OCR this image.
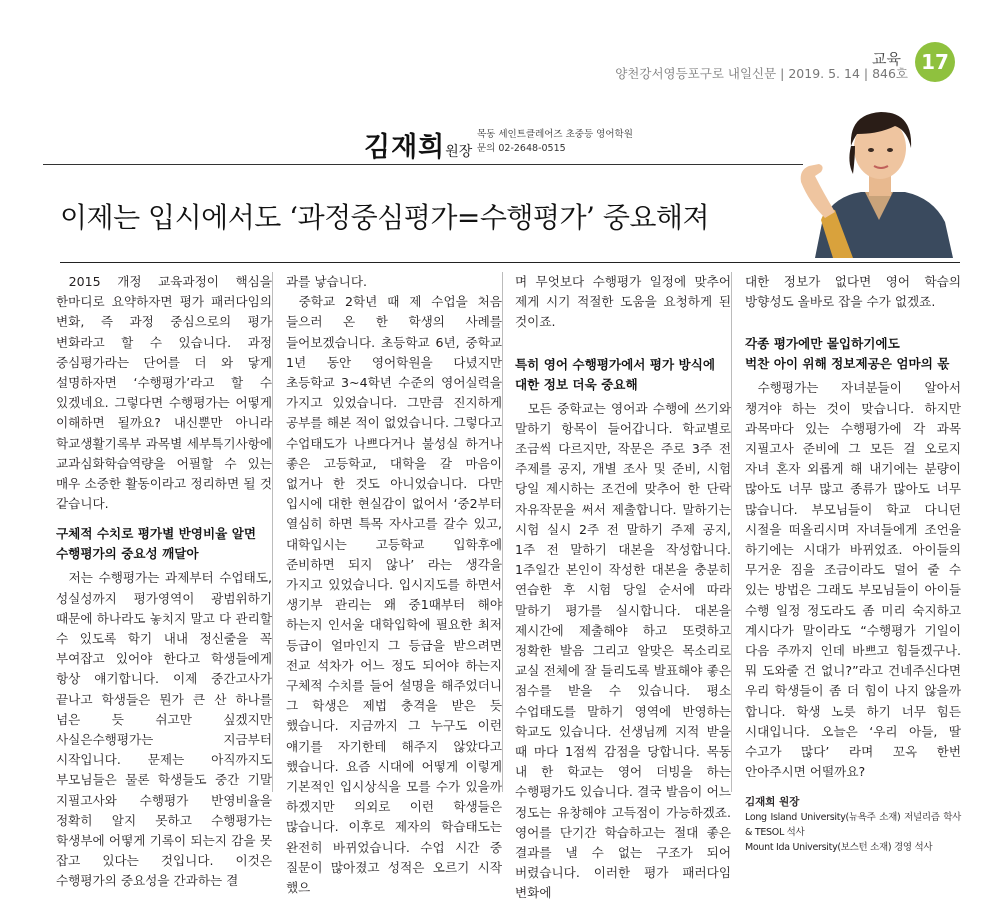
교육
양천강서영등포구로 내일신문 | 2019. 5. 14 | 846호 17
김재희원장
목동 세인트클레어즈 초중등 영어학원
문의 02-2648-0515
이제는 입시에서도 ‘과정중심평가=수행평가’ 중요해져

2015 개정 교육과정이 핵심을 한마디로 요약하자면 평가 패러다임의 변화, 즉 과정 중심으로의 평가 변화라고 할 수 있습니다. 과정 중심평가라는 단어를 더 와 닿게 설명하자면 ‘수행평가’라고 할 수 있겠네요. 그렇다면 수행평가는 어떻게 이해하면 될까요? 내신뿐만 아니라 학교생활기록부 과목별 세부특기사항에 교과심화학습역량을 어필할 수 있는 매우 소중한 활동이라고 정리하면 될 것 같습니다.

구체적 수치로 평가별 반영비율 알면
수행평가의 중요성 깨달아

저는 수행평가는 과제부터 수업태도, 성실성까지 평가영역이 광범위하기 때문에 하나라도 놓치지 말고 다 관리할 수 있도록 학기 내내 정신줄을 꼭 부여잡고 있어야 한다고 학생들에게 항상 얘기합니다. 이제 중간고사가 끝나고 학생들은 뭔가 큰 산 하나를 넘은 듯 쉬고만 싶겠지만 사실은수행평가는 지금부터 시작입니다. 문제는 아직까지도 부모님들은 물론 학생들도 중간 기말 지필고사와 수행평가 반영비율을 정확히 알지 못하고 수행평가는 학생부에 어떻게 기록이 되는지 감을 못 잡고 있다는 것입니다. 이것은 수행평가의 중요성을 간과하는 결

과를 낳습니다.

중학교 2학년 때 제 수업을 처음 들으러 온 한 학생의 사례를 들어보겠습니다. 초등학교 6년, 중학교 1년 동안 영어학원을 다녔지만 초등학교 3~4학년 수준의 영어실력을 가지고 있었습니다. 그만큼 진지하게 공부를 해본 적이 없었습니다. 그렇다고 수업태도가 나쁘다거나 불성실 하거나 좋은 고등학교, 대학을 갈 마음이 없거나 한 것도 아니었습니다. 다만 입시에 대한 현실감이 없어서 ‘중2부터 열심히 하면 특목 자사고를 갈수 있고, 대학입시는 고등학교 입학후에 준비하면 되지 않나’ 라는 생각을 가지고 있었습니다. 입시지도를 하면서 생기부 관리는 왜 중1때부터 해야 하는지 인서울 대학입학에 필요한 최저 등급이 얼마인지 그 등급을 받으려면 전교 석차가 어느 정도 되어야 하는지 구체적 수치를 들어 설명을 해주었더니 그 학생은 제법 충격을 받은 듯 했습니다. 지금까지 그 누구도 이런 얘기를 자기한테 해주지 않았다고 했습니다. 요즘 시대에 어떻게 이렇게 기본적인 입시상식을 모를 수가 있을까 하겠지만 의외로 이런 학생들은 많습니다. 이후로 제자의 학습태도는 완전히 바뀌었습니다. 수업 시간 중 질문이 많아졌고 성적은 오르기 시작 했으

며 무엇보다 수행평가 일정에 맞추어 제게 시기 적절한 도움을 요청하게 된 것이죠.

특히 영어 수행평가에서 평가 방식에
대한 정보 더욱 중요해

모든 중학교는 영어과 수행에 쓰기와 말하기 항목이 들어갑니다. 학교별로 조금씩 다르지만, 작문은 주로 3주 전 주제를 공지, 개별 조사 및 준비, 시험 당일 제시하는 조건에 맞추어 한 단락 자유작문을 써서 제출합니다. 말하기는 시험 실시 2주 전 말하기 주제 공지, 1주 전 말하기 대본을 작성합니다. 1주일간 본인이 작성한 대본을 충분히 연습한 후 시험 당일 순서에 따라 말하기 평가를 실시합니다. 대본을 제시간에 제출해야 하고 또렷하고 정확한 발음 그리고 알맞은 목소리로 교실 전체에 잘 들리도록 발표해야 좋은 점수를 받을 수 있습니다. 평소 수업태도를 말하기 영역에 반영하는 학교도 있습니다. 선생님께 지적 받을 때 마다 1점씩 감점을 당합니다. 목동 내 한 학교는 영어 더빙을 하는 수행평가도 있습니다. 결국 발음이 어느 정도는 유창해야 고득점이 가능하겠죠. 영어를 단기간 학습하고는 절대 좋은 결과를 낼 수 없는 구조가 되어 버렸습니다. 이러한 평가 패러다임 변화에

대한 정보가 없다면 영어 학습의 방향성도 올바로 잡을 수가 없겠죠.

각종 평가에만 몰입하기에도
벅찬 아이 위해 정보제공은 엄마의 몫

수행평가는 자녀분들이 알아서 챙겨야 하는 것이 맞습니다. 하지만 과목마다 있는 수행평가에 각 과목 지필고사 준비에 그 모든 걸 오로지 자녀 혼자 외롭게 해 내기에는 분량이 많아도 너무 많고 종류가 많아도 너무 많습니다. 부모님들이 학교 다니던 시절을 떠올리시며 자녀들에게 조언을 하기에는 시대가 바뀌었죠. 아이들의 무거운 짐을 조금이라도 덜어 줄 수 있는 방법은 그래도 부모님들이 아이들 수행 일정 정도라도 좀 미리 숙지하고 계시다가 말이라도 “수행평가 기일이 다음 주까지 인데 바쁘고 힘들겠구나. 뭐 도와줄 건 없니?”라고 건네주신다면 우리 학생들이 좀 더 힘이 나지 않을까 합니다. 학생 노릇 하기 너무 힘든 시대입니다. 오늘은 ‘우리 아들, 딸 수고가 많다’ 라며 꼬옥 한번 안아주시면 어떨까요?

김재희 원장
Long Island University(뉴욕주 소재) 저널리즘 학사 & TESOL 석사
Mount Ida University(보스턴 소재) 경영 석사
